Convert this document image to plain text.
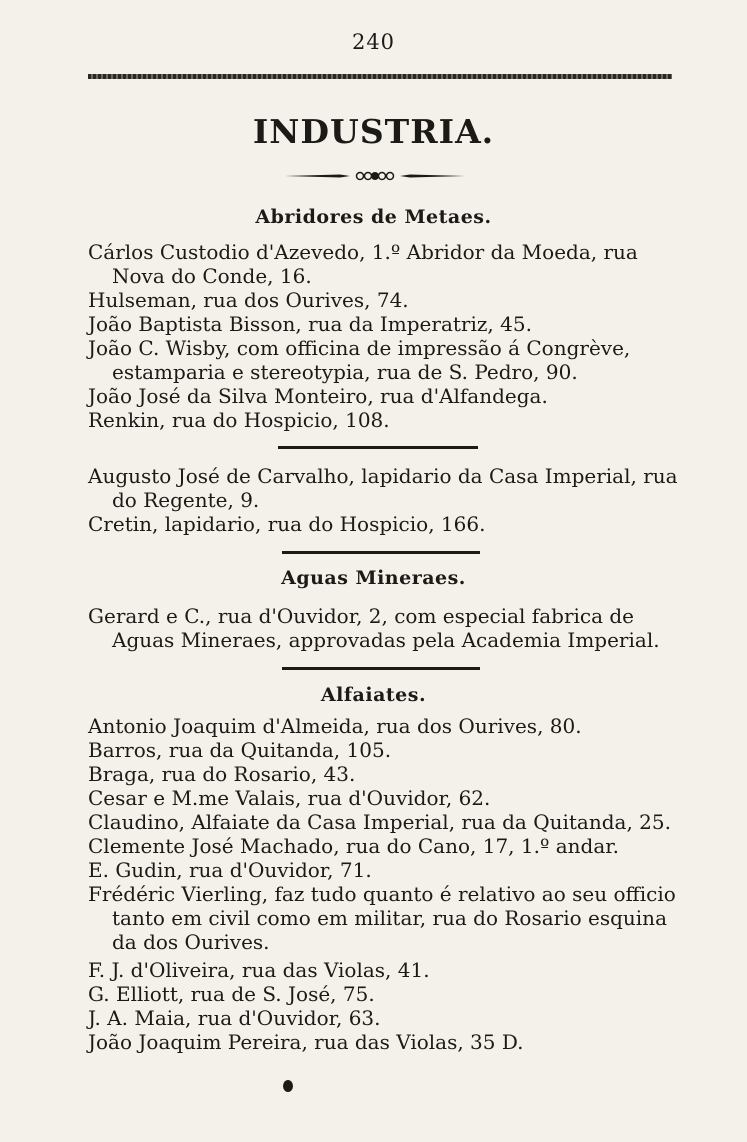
240
INDUSTRIA.
Abridores de Metaes.
Cárlos Custodio d'Azevedo, 1.º Abridor da Moeda, rua
Nova do Conde, 16.
Hulseman, rua dos Ourives, 74.
João Baptista Bisson, rua da Imperatriz, 45.
João C. Wisby, com officina de impressão á Congrève,
estamparia e stereotypia, rua de S. Pedro, 90.
João José da Silva Monteiro, rua d'Alfandega.
Renkin, rua do Hospicio, 108.
Augusto José de Carvalho, lapidario da Casa Imperial, rua
do Regente, 9.
Cretin, lapidario, rua do Hospicio, 166.
Aguas Mineraes.
Gerard e C., rua d'Ouvidor, 2, com especial fabrica de
Aguas Mineraes, approvadas pela Academia Imperial.
Alfaiates.
Antonio Joaquim d'Almeida, rua dos Ourives, 80.
Barros, rua da Quitanda, 105.
Braga, rua do Rosario, 43.
Cesar e M.me Valais, rua d'Ouvidor, 62.
Claudino, Alfaiate da Casa Imperial, rua da Quitanda, 25.
Clemente José Machado, rua do Cano, 17, 1.º andar.
E. Gudin, rua d'Ouvidor, 71.
Frédéric Vierling, faz tudo quanto é relativo ao seu officio
tanto em civil como em militar, rua do Rosario esquina
da dos Ourives.
F. J. d'Oliveira, rua das Violas, 41.
G. Elliott, rua de S. José, 75.
J. A. Maia, rua d'Ouvidor, 63.
João Joaquim Pereira, rua das Violas, 35 D.
